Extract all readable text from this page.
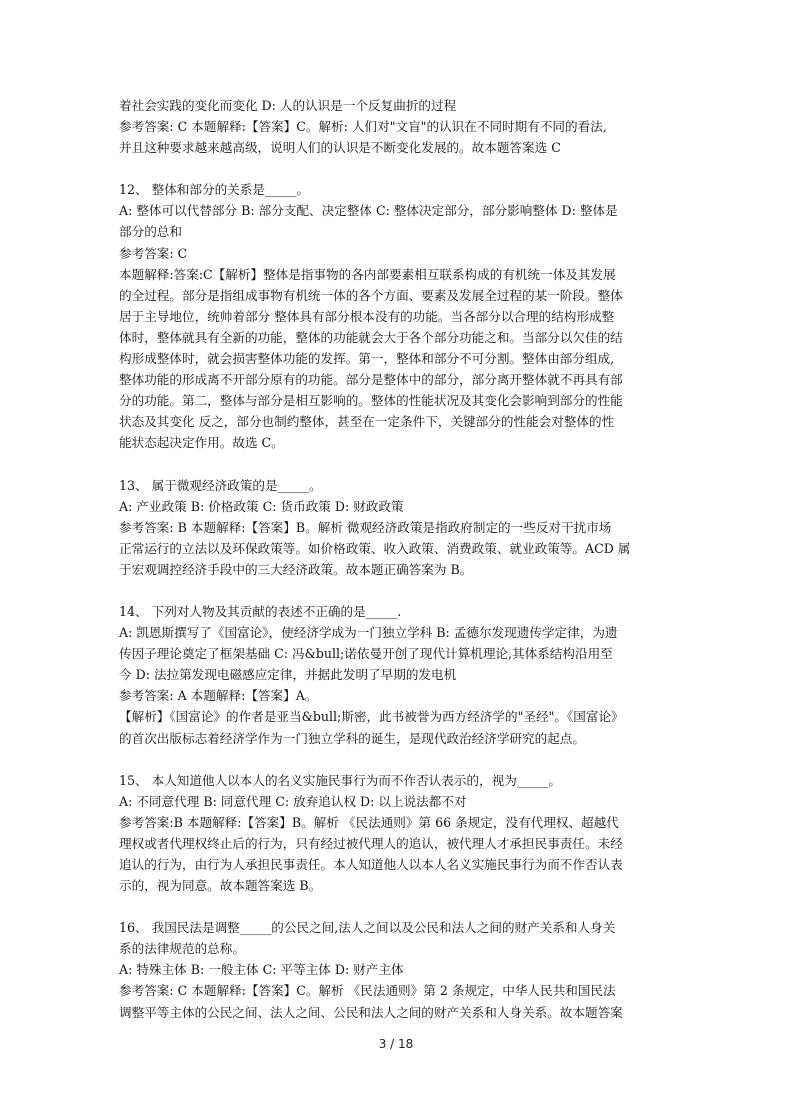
着社会实践的变化而变化 D: 人的认识是一个反复曲折的过程

参考答案: C 本题解释:【答案】C。解析: 人们对"文盲"的认识在不同时期有不同的看法,

并且这种要求越来越高级，说明人们的认识是不断变化发展的。故本题答案选 C

12、 整体和部分的关系是_____。

A: 整体可以代替部分 B: 部分支配、决定整体 C: 整体决定部分，部分影响整体 D: 整体是

部分的总和

参考答案: C

本题解释:答案:C【解析】整体是指事物的各内部要素相互联系构成的有机统一体及其发展

的全过程。部分是指组成事物有机统一体的各个方面、要素及发展全过程的某一阶段。整体

居于主导地位，统帅着部分 整体具有部分根本没有的功能。当各部分以合理的结构形成整

体时，整体就具有全新的功能，整体的功能就会大于各个部分功能之和。当部分以欠佳的结

构形成整体时，就会损害整体功能的发挥。第一，整体和部分不可分割。整体由部分组成,

整体功能的形成离不开部分原有的功能。部分是整体中的部分，部分离开整体就不再具有部

分的功能。第二，整体与部分是相互影响的。整体的性能状况及其变化会影响到部分的性能

状态及其变化 反之，部分也制约整体，甚至在一定条件下，关键部分的性能会对整体的性

能状态起决定作用。故选 C。

13、 属于微观经济政策的是_____。

A: 产业政策 B: 价格政策 C: 货币政策 D: 财政政策

参考答案: B 本题解释:【答案】B。解析 微观经济政策是指政府制定的一些反对干扰市场

正常运行的立法以及环保政策等。如价格政策、收入政策、消费政策、就业政策等。ACD 属

于宏观调控经济手段中的三大经济政策。故本题正确答案为 B。

14、 下列对人物及其贡献的表述不正确的是_____.

A: 凯恩斯撰写了《国富论》，使经济学成为一门独立学科 B: 孟德尔发现遗传学定律，为遗

传因子理论奠定了框架基础 C: 冯&bull;诺依曼开创了现代计算机理论,其体系结构沿用至

今 D: 法拉第发现电磁感应定律，并据此发明了早期的发电机

参考答案: A 本题解释:【答案】A。

【解析】《国富论》的作者是亚当&bull;斯密，此书被誉为西方经济学的"圣经"。《国富论》

的首次出版标志着经济学作为一门独立学科的诞生，是现代政治经济学研究的起点。

15、 本人知道他人以本人的名义实施民事行为而不作否认表示的，视为_____。

A: 不同意代理 B: 同意代理 C: 放弃追认权 D: 以上说法都不对

参考答案:B 本题解释:【答案】B。解析 《民法通则》第 66 条规定，没有代理权、超越代

理权或者代理权终止后的行为，只有经过被代理人的追认，被代理人才承担民事责任。未经

追认的行为，由行为人承担民事责任。本人知道他人以本人名义实施民事行为而不作否认表

示的，视为同意。故本题答案选 B。

16、 我国民法是调整_____的公民之间,法人之间以及公民和法人之间的财产关系和人身关

系的法律规范的总称。

A: 特殊主体 B: 一般主体 C: 平等主体 D: 财产主体

参考答案: C 本题解释:【答案】C。解析 《民法通则》第 2 条规定，中华人民共和国民法

调整平等主体的公民之间、法人之间、公民和法人之间的财产关系和人身关系。故本题答案

3 / 18
